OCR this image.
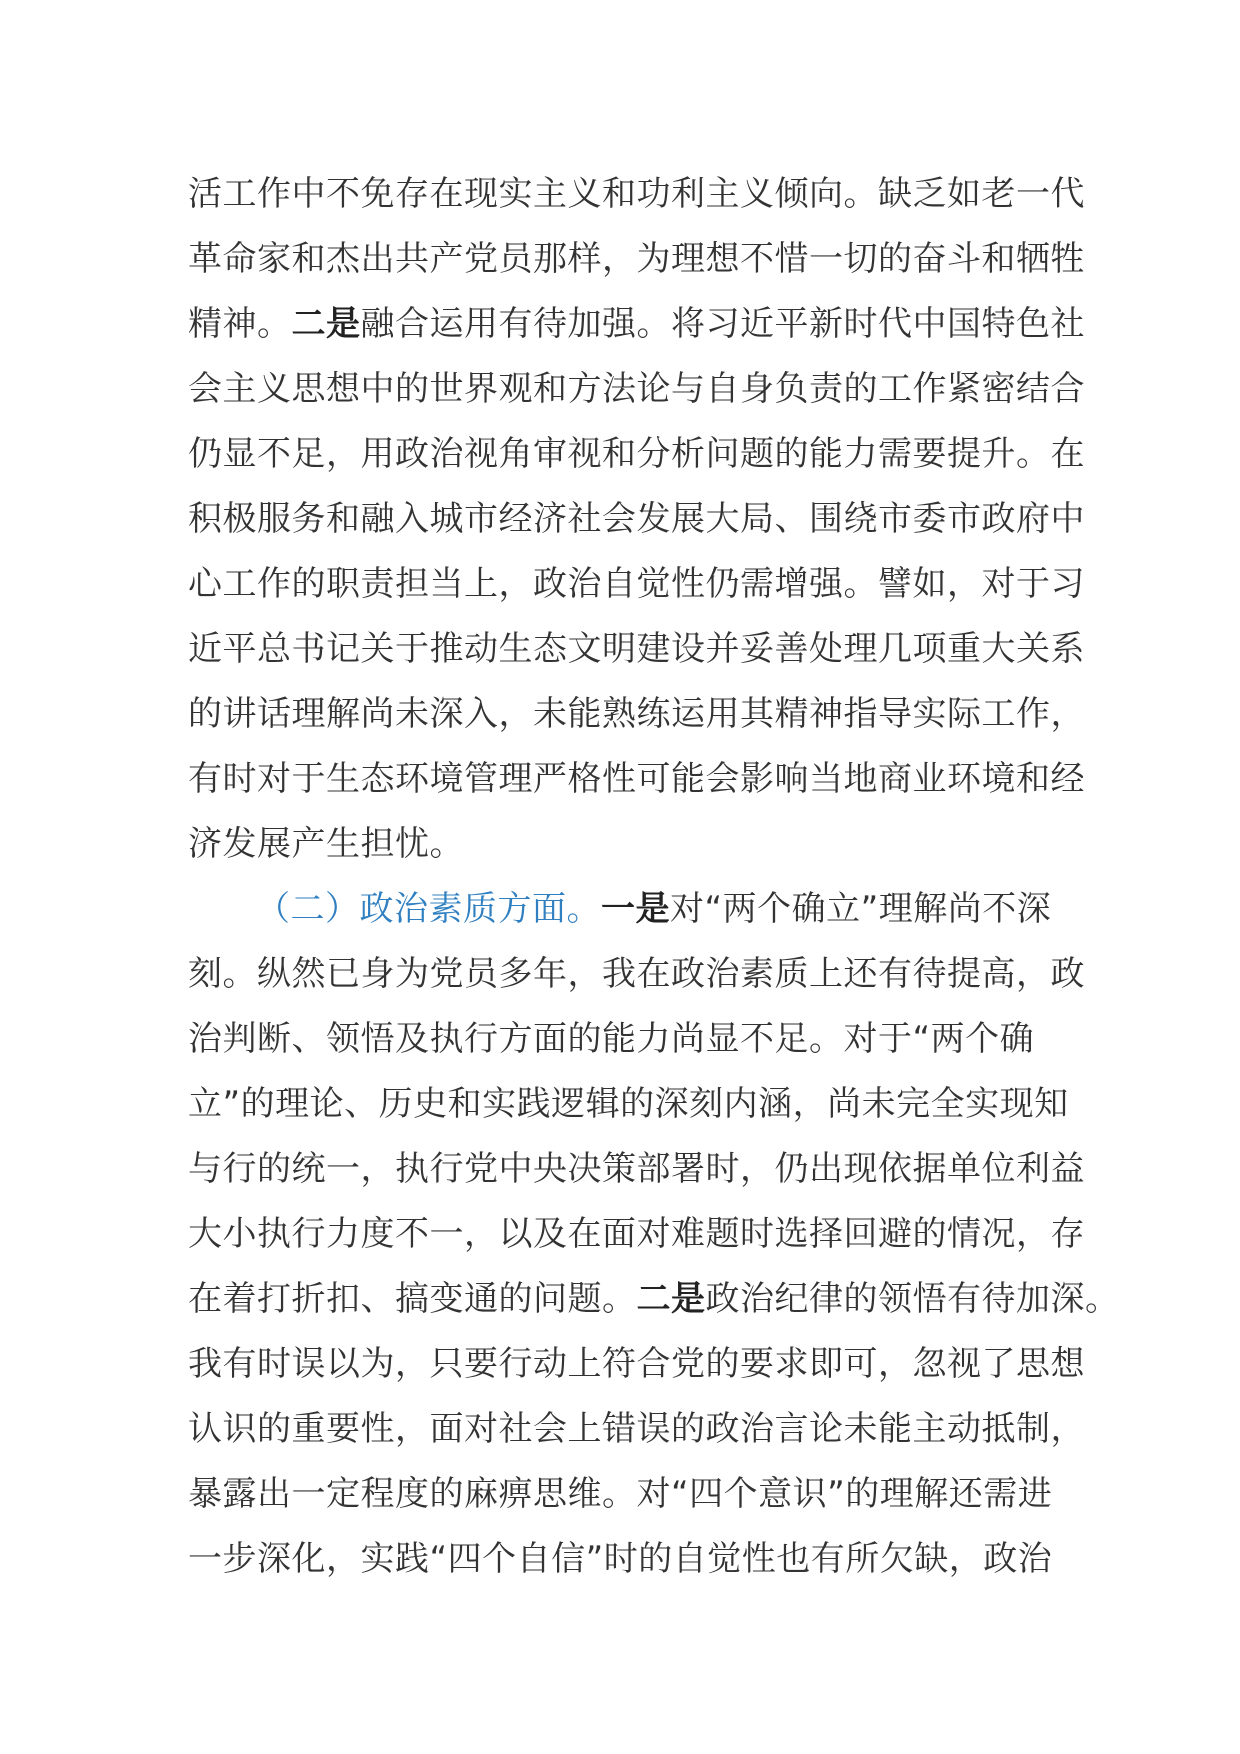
活工作中不免存在现实主义和功利主义倾向。缺乏如老一代
革命家和杰出共产党员那样，为理想不惜一切的奋斗和牺牲
精神。二是融合运用有待加强。将习近平新时代中国特色社
会主义思想中的世界观和方法论与自身负责的工作紧密结合
仍显不足，用政治视角审视和分析问题的能力需要提升。在
积极服务和融入城市经济社会发展大局、围绕市委市政府中
心工作的职责担当上，政治自觉性仍需增强。譬如，对于习
近平总书记关于推动生态文明建设并妥善处理几项重大关系
的讲话理解尚未深入，未能熟练运用其精神指导实际工作，
有时对于生态环境管理严格性可能会影响当地商业环境和经
济发展产生担忧。
（二）政治素质方面。一是对“两个确立”理解尚不深
刻。纵然已身为党员多年，我在政治素质上还有待提高，政
治判断、领悟及执行方面的能力尚显不足。对于“两个确
立”的理论、历史和实践逻辑的深刻内涵，尚未完全实现知
与行的统一，执行党中央决策部署时，仍出现依据单位利益
大小执行力度不一，以及在面对难题时选择回避的情况，存
在着打折扣、搞变通的问题。二是政治纪律的领悟有待加深。
我有时误以为，只要行动上符合党的要求即可，忽视了思想
认识的重要性，面对社会上错误的政治言论未能主动抵制，
暴露出一定程度的麻痹思维。对“四个意识”的理解还需进
一步深化，实践“四个自信”时的自觉性也有所欠缺，政治
